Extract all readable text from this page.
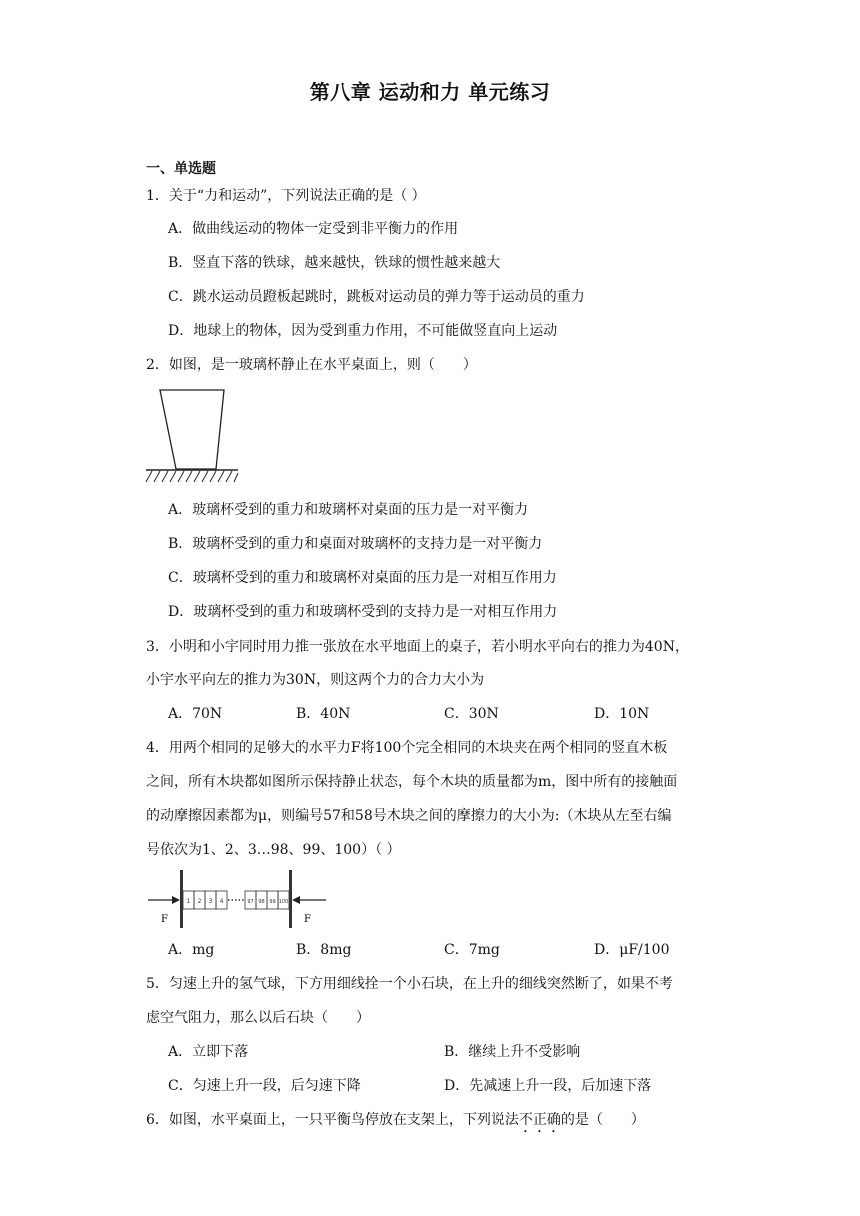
第八章 运动和力 单元练习
一、单选题
1．关于“力和运动”，下列说法正确的是（ ）
A．做曲线运动的物体一定受到非平衡力的作用
B．竖直下落的铁球，越来越快，铁球的惯性越来越大
C．跳水运动员蹬板起跳时，跳板对运动员的弹力等于运动员的重力
D．地球上的物体，因为受到重力作用，不可能做竖直向上运动
2．如图，是一玻璃杯静止在水平桌面上，则（　　）
A．玻璃杯受到的重力和玻璃杯对桌面的压力是一对平衡力
B．玻璃杯受到的重力和桌面对玻璃杯的支持力是一对平衡力
C．玻璃杯受到的重力和玻璃杯对桌面的压力是一对相互作用力
D．玻璃杯受到的重力和玻璃杯受到的支持力是一对相互作用力
3．小明和小宇同时用力推一张放在水平地面上的桌子，若小明水平向右的推力为40N，
小宇水平向左的推力为30N，则这两个力的合力大小为
A．70N	B．40N	C．30N	D．10N
4．用两个相同的足够大的水平力F将100个完全相同的木块夹在两个相同的竖直木板
之间，所有木块都如图所示保持静止状态，每个木块的质量都为m，图中所有的接触面
的动摩擦因素都为μ，则编号57和58号木块之间的摩擦力的大小为:（木块从左至右编
号依次为1、2、3…98、99、100）（ ）
F
1 2 3 4	97 98 99 100
F
A．mg	B．8mg	C．7mg	D．μF/100
5．匀速上升的氢气球，下方用细线拴一个小石块，在上升的细线突然断了，如果不考
虑空气阻力，那么以后石块（　　）
A．立即下落	B．继续上升不受影响
C．匀速上升一段，后匀速下降	D．先减速上升一段，后加速下落
6．如图，水平桌面上，一只平衡鸟停放在支架上，下列说法不正确的是（　　）
